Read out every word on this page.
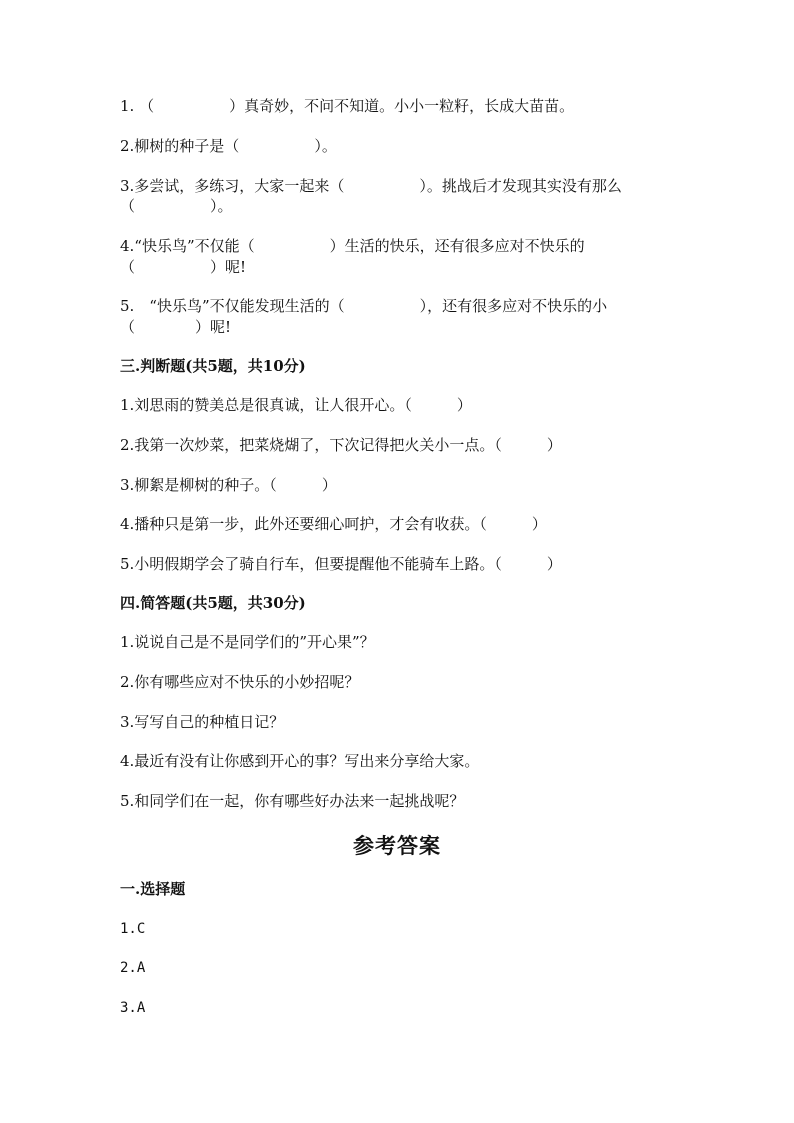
1. （　　　　　）真奇妙，不问不知道。小小一粒籽，长成大苗苗。
2.柳树的种子是（　　　　　）。
3.多尝试，多练习，大家一起来（　　　　　）。挑战后才发现其实没有那么
（　　　　　）。
4.“快乐鸟”不仅能（　　　　　）生活的快乐，还有很多应对不快乐的
（　　　　　）呢!
5.　“快乐鸟”不仅能发现生活的（　　　　　），还有很多应对不快乐的小
（　　　　）呢!
三.判断题(共5题，共10分)
1.刘思雨的赞美总是很真诚，让人很开心。（　　　）
2.我第一次炒菜，把菜烧煳了，下次记得把火关小一点。（　　　）
3.柳絮是柳树的种子。（　　　）
4.播种只是第一步，此外还要细心呵护，才会有收获。（　　　）
5.小明假期学会了骑自行车，但要提醒他不能骑车上路。（　　　）
四.简答题(共5题，共30分)
1.说说自己是不是同学们的”开心果”？
2.你有哪些应对不快乐的小妙招呢？
3.写写自己的种植日记？
4.最近有没有让你感到开心的事？写出来分享给大家。
5.和同学们在一起，你有哪些好办法来一起挑战呢？
参考答案
一.选择题
1.C
2.A
3.A
